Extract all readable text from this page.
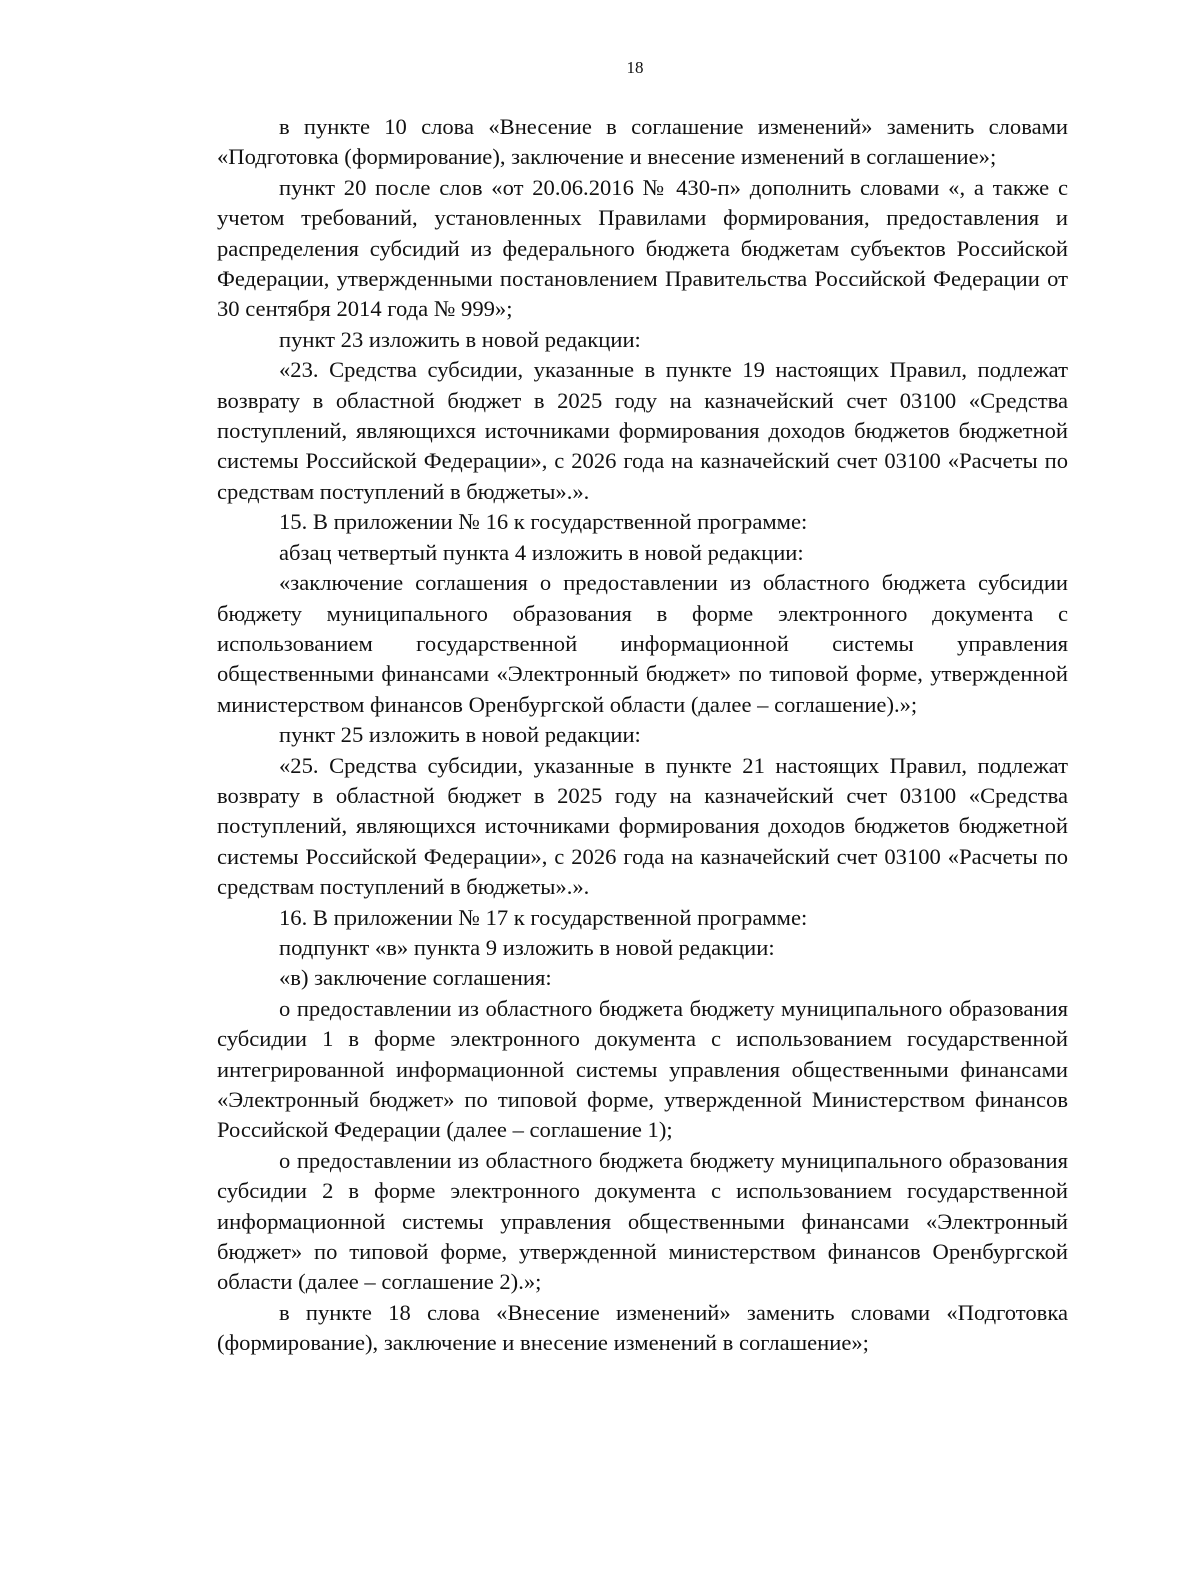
18

в пункте 10 слова «Внесение в соглашение изменений» заменить словами «Подготовка (формирование), заключение и внесение изменений в соглашение»;

пункт 20 после слов «от 20.06.2016 № 430-п» дополнить словами «, а также с учетом требований, установленных Правилами формирования, предоставления и распределения субсидий из федерального бюджета бюджетам субъектов Российской Федерации, утвержденными постановлением Правительства Российской Федерации от 30 сентября 2014 года № 999»;

пункт 23 изложить в новой редакции:

«23. Средства субсидии, указанные в пункте 19 настоящих Правил, подлежат возврату в областной бюджет в 2025 году на казначейский счет 03100 «Средства поступлений, являющихся источниками формирования доходов бюджетов бюджетной системы Российской Федерации», с 2026 года на казначейский счет 03100 «Расчеты по средствам поступлений в бюджеты».».

15. В приложении № 16 к государственной программе:

абзац четвертый пункта 4 изложить в новой редакции:

«заключение соглашения о предоставлении из областного бюджета субсидии бюджету муниципального образования в форме электронного документа с использованием государственной информационной системы управления общественными финансами «Электронный бюджет» по типовой форме, утвержденной министерством финансов Оренбургской области (далее – соглашение).»;

пункт 25 изложить в новой редакции:

«25. Средства субсидии, указанные в пункте 21 настоящих Правил, подлежат возврату в областной бюджет в 2025 году на казначейский счет 03100 «Средства поступлений, являющихся источниками формирования доходов бюджетов бюджетной системы Российской Федерации», с 2026 года на казначейский счет 03100 «Расчеты по средствам поступлений в бюджеты».».

16. В приложении № 17 к государственной программе:

подпункт «в» пункта 9 изложить в новой редакции:

«в) заключение соглашения:

о предоставлении из областного бюджета бюджету муниципального образования субсидии 1 в форме электронного документа с использованием государственной интегрированной информационной системы управления общественными финансами «Электронный бюджет» по типовой форме, утвержденной Министерством финансов Российской Федерации (далее – соглашение 1);

о предоставлении из областного бюджета бюджету муниципального образования субсидии 2 в форме электронного документа с использованием государственной информационной системы управления общественными финансами «Электронный бюджет» по типовой форме, утвержденной министерством финансов Оренбургской области (далее – соглашение 2).»;

в пункте 18 слова «Внесение изменений» заменить словами «Подготовка (формирование), заключение и внесение изменений в соглашение»;
